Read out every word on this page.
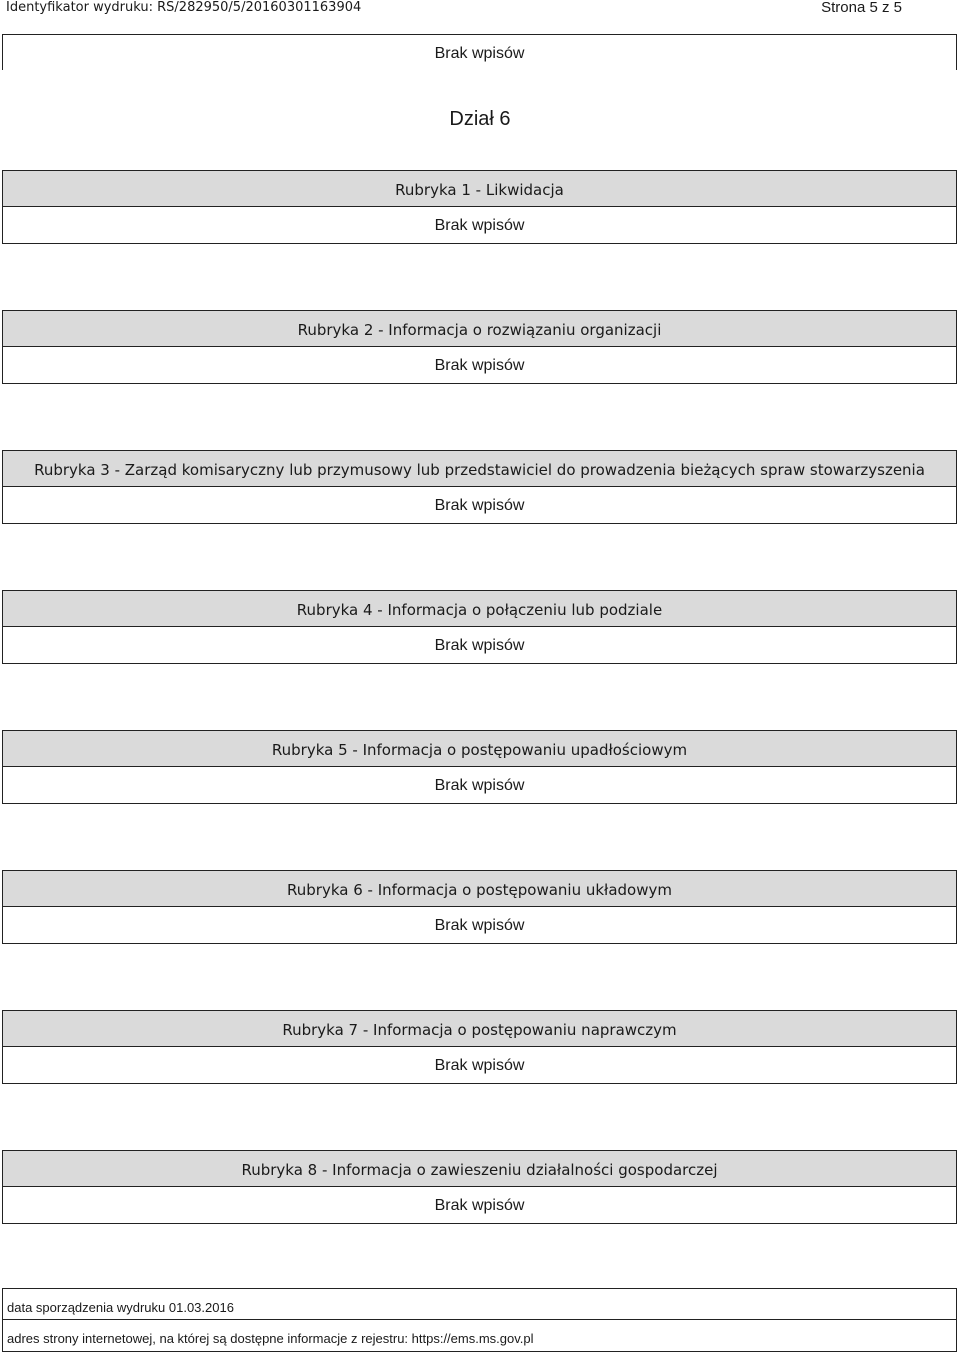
Identyfikator wydruku: RS/282950/5/20160301163904	Strona 5 z 5
Brak wpisów
Dział 6
Rubryka 1 - Likwidacja
Brak wpisów
Rubryka 2 - Informacja o rozwiązaniu organizacji
Brak wpisów
Rubryka 3 - Zarząd komisaryczny lub przymusowy lub przedstawiciel do prowadzenia bieżących spraw stowarzyszenia
Brak wpisów
Rubryka 4 - Informacja o połączeniu lub podziale
Brak wpisów
Rubryka 5 - Informacja o postępowaniu upadłościowym
Brak wpisów
Rubryka 6 - Informacja o postępowaniu układowym
Brak wpisów
Rubryka 7 - Informacja o postępowaniu naprawczym
Brak wpisów
Rubryka 8 - Informacja o zawieszeniu działalności gospodarczej
Brak wpisów
data sporządzenia wydruku 01.03.2016
adres strony internetowej, na której są dostępne informacje z rejestru: https://ems.ms.gov.pl
